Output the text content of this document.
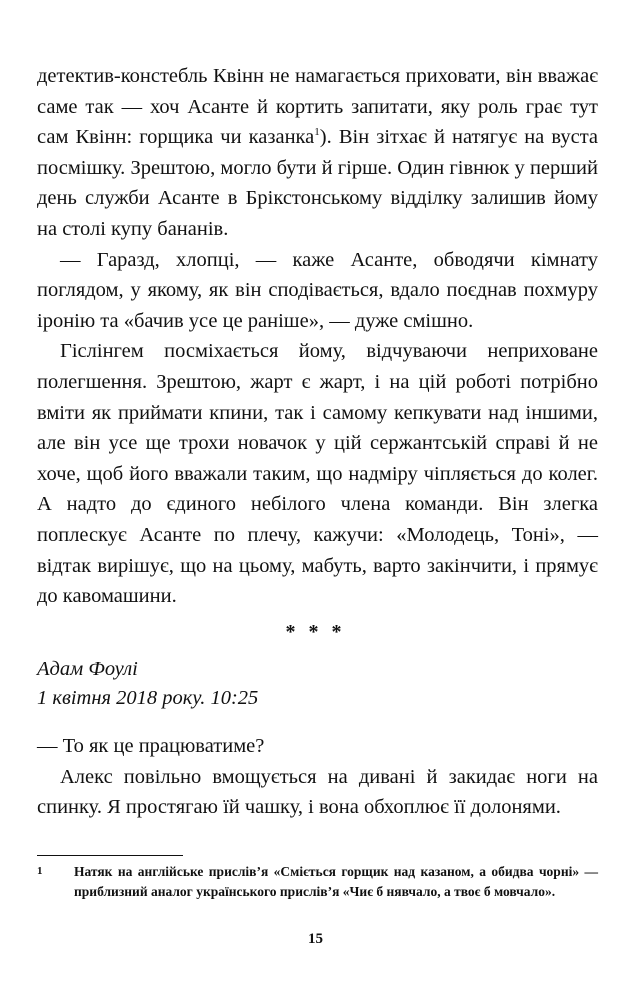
детектив-констебль Квінн не намагається приховати, він вважає саме так — хоч Асанте й кортить запитати, яку роль грає тут сам Квінн: горщика чи казанка$^1$). Він зітхає й натягує на вуста посмішку. Зрештою, могло бути й гірше. Один гівнюк у перший день служби Асанте в Брікстонському відділку залишив йому на столі купу бананів.

— Гаразд, хлопці, — каже Асанте, обводячи кімнату поглядом, у якому, як він сподівається, вдало поєднав похмуру іронію та «бачив усе це раніше», — дуже смішно.

Гіслінгем посміхається йому, відчуваючи неприховане полегшення. Зрештою, жарт є жарт, і на цій роботі потрібно вміти як приймати кпини, так і самому кепкувати над іншими, але він усе ще трохи новачок у цій сержантській справі й не хоче, щоб його вважали таким, що надміру чіпляється до колег. А надто до єдиного небілого члена команди. Він злегка поплескує Асанте по плечу, кажучи: «Молодець, Тоні», — відтак вирішує, що на цьому, мабуть, варто закінчити, і прямує до кавомашини.

* * *
Адам Фоулі
1 квітня 2018 року. 10:25

— То як це працюватиме?

Алекс повільно вмощується на дивані й закидає ноги на спинку. Я простягаю їй чашку, і вона обхоплює її долонями.

1	Натяк на англійське прислів’я «Сміється горщик над казаном, а обидва чорні» — приблизний аналог українського прислів’я «Чиє б нявчало, а твоє б мовчало».
15
